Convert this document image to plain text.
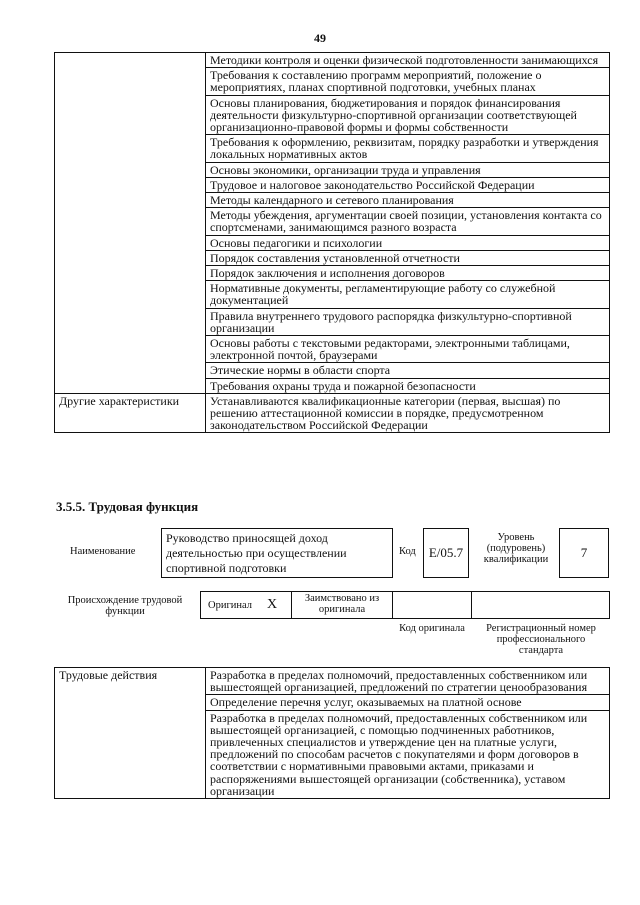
49
	Методики контроля и оценки физической подготовленности занимающихся
	Требования к составлению программ мероприятий, положение о мероприятиях, планах спортивной подготовки, учебных планах
	Основы планирования, бюджетирования и порядок финансирования деятельности физкультурно-спортивной организации соответствующей организационно-правовой формы и формы собственности
	Требования к оформлению, реквизитам, порядку разработки и утверждения локальных нормативных актов
	Основы экономики, организации труда и управления
	Трудовое и налоговое законодательство Российской Федерации
	Методы календарного и сетевого планирования
	Методы убеждения, аргументации своей позиции, установления контакта со спортсменами, занимающимся разного возраста
	Основы педагогики и психологии
	Порядок составления установленной отчетности
	Порядок заключения и исполнения договоров
	Нормативные документы, регламентирующие работу со служебной документацией
	Правила внутреннего трудового распорядка физкультурно-спортивной организации
	Основы работы с текстовыми редакторами, электронными таблицами, электронной почтой, браузерами
	Этические нормы в области спорта
	Требования охраны труда и пожарной безопасности
Другие характеристики	Устанавливаются квалификационные категории (первая, высшая) по решению аттестационной комиссии в порядке, предусмотренном законодательством Российской Федерации
3.5.5. Трудовая функция
Наименование
Руководство приносящей доход деятельностью при осуществлении спортивной подготовки
Код	E/05.7
Уровень (подуровень) квалификации	7
Происхождение трудовой функции
Оригинал X	Заимствовано из оригинала
Код оригинала	Регистрационный номер профессионального стандарта
Трудовые действия	Разработка в пределах полномочий, предоставленных собственником или вышестоящей организацией, предложений по стратегии ценообразования
Определение перечня услуг, оказываемых на платной основе
Разработка в пределах полномочий, предоставленных собственником или вышестоящей организацией, с помощью подчиненных работников, привлеченных специалистов и утверждение цен на платные услуги, предложений по способам расчетов с покупателями и форм договоров в соответствии с нормативными правовыми актами, приказами и распоряжениями вышестоящей организации (собственника), уставом организации
